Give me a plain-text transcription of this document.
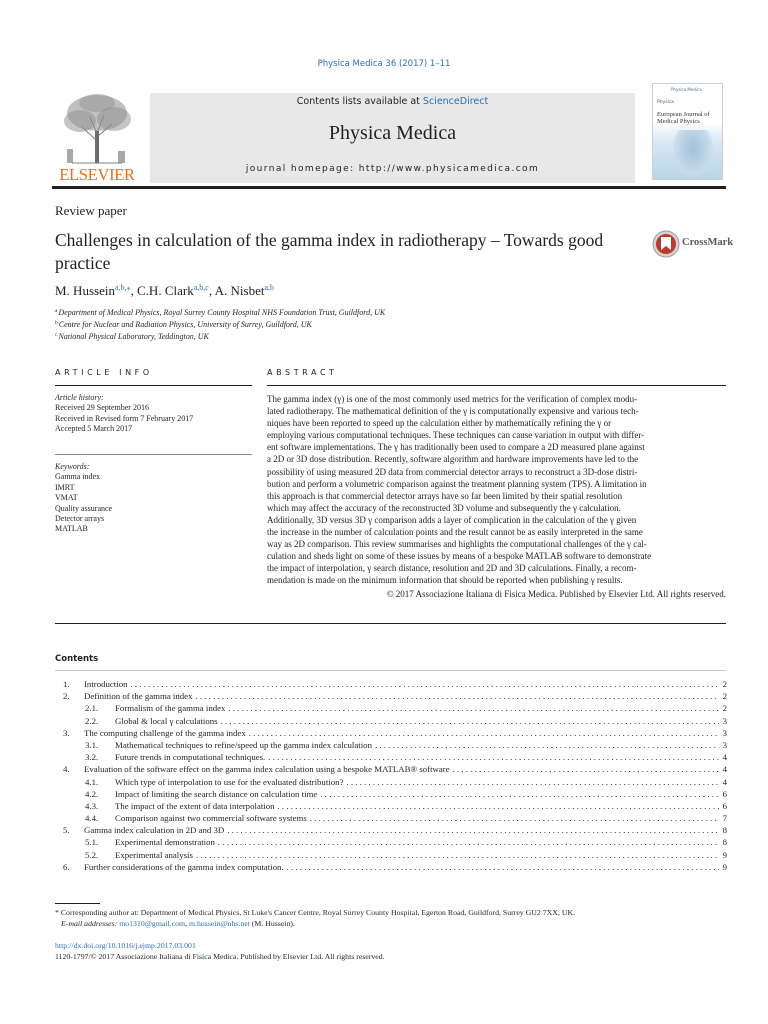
Physica Medica 36 (2017) 1–11
ELSEVIER
Contents lists available at ScienceDirect
Physica Medica
journal homepage: http://www.physicamedica.com
Physica Medica
Physica
European Journal of Medical Physics
Review paper
Challenges in calculation of the gamma index in radiotherapy – Towards good practice
CrossMark
M. Hussein$^{a,b,⁎}$, C.H. Clark$^{a,b,c}$, A. Nisbet$^{a,b}$
$^a$Department of Medical Physics, Royal Surrey County Hospital NHS Foundation Trust, Guildford, UK
$^b$Centre for Nuclear and Radiation Physics, University of Surrey, Guildford, UK
$^c$National Physical Laboratory, Teddington, UK
ARTICLE INFO
Article history:
Received 29 September 2016
Received in Revised form 7 February 2017
Accepted 5 March 2017
Keywords:
Gamma index
IMRT
VMAT
Quality assurance
Detector arrays
MATLAB
ABSTRACT
The gamma index (γ) is one of the most commonly used metrics for the verification of complex modu-
lated radiotherapy. The mathematical definition of the γ is computationally expensive and various tech-
niques have been reported to speed up the calculation either by mathematically refining the γ or
employing various computational techniques. These techniques can cause variation in output with differ-
ent software implementations. The γ has traditionally been used to compare a 2D measured plane against
a 2D or 3D dose distribution. Recently, software algorithm and hardware improvements have led to the
possibility of using measured 2D data from commercial detector arrays to reconstruct a 3D-dose distri-
bution and perform a volumetric comparison against the treatment planning system (TPS). A limitation in
this approach is that commercial detector arrays have so far been limited by their spatial resolution
which may affect the accuracy of the reconstructed 3D volume and subsequently the γ calculation.
Additionally, 3D versus 3D γ comparison adds a layer of complication in the calculation of the γ given
the increase in the number of calculation points and the result cannot be as easily interpreted in the same
way as 2D comparison. This review summarises and highlights the computational challenges of the γ cal-
culation and sheds light on some of these issues by means of a bespoke MATLAB software to demonstrate
the impact of interpolation, γ search distance, resolution and 2D and 3D calculations. Finally, a recom-
mendation is made on the minimum information that should be reported when publishing γ results.
© 2017 Associazione Italiana di Fisica Medica. Published by Elsevier Ltd. All rights reserved.
Contents
1.	Introduction . . .	2
2.	Definition of the gamma index . . .	2
2.1.	Formalism of the gamma index . . .	2
2.2.	Global & local γ calculations . . .	3
3.	The computing challenge of the gamma index . . .	3
3.1.	Mathematical techniques to refine/speed up the gamma index calculation . . .	3
3.2.	Future trends in computational techniques. . . .	4
4.	Evaluation of the software effect on the gamma index calculation using a bespoke MATLAB® software . . .	4
4.1.	Which type of interpolation to use for the evaluated distribution? . . .	4
4.2.	Impact of limiting the search distance on calculation time . . .	6
4.3.	The impact of the extent of data interpolation . . .	6
4.4.	Comparison against two commercial software systems . . .	7
5.	Gamma index calculation in 2D and 3D . . .	8
5.1.	Experimental demonstration . . .	8
5.2.	Experimental analysis . . .	9
6.	Further considerations of the gamma index computation. . . .	9
* Corresponding author at: Department of Medical Physics, St Luke's Cancer Centre, Royal Surrey County Hospital, Egerton Road, Guildford, Surrey GU2 7XX, UK.
E-mail addresses: mo1310@gmail.com, m.hussein@nhs.net (M. Hussein).
http://dx.doi.org/10.1016/j.ejmp.2017.03.001
1120-1797/© 2017 Associazione Italiana di Fisica Medica. Published by Elsevier Ltd. All rights reserved.
